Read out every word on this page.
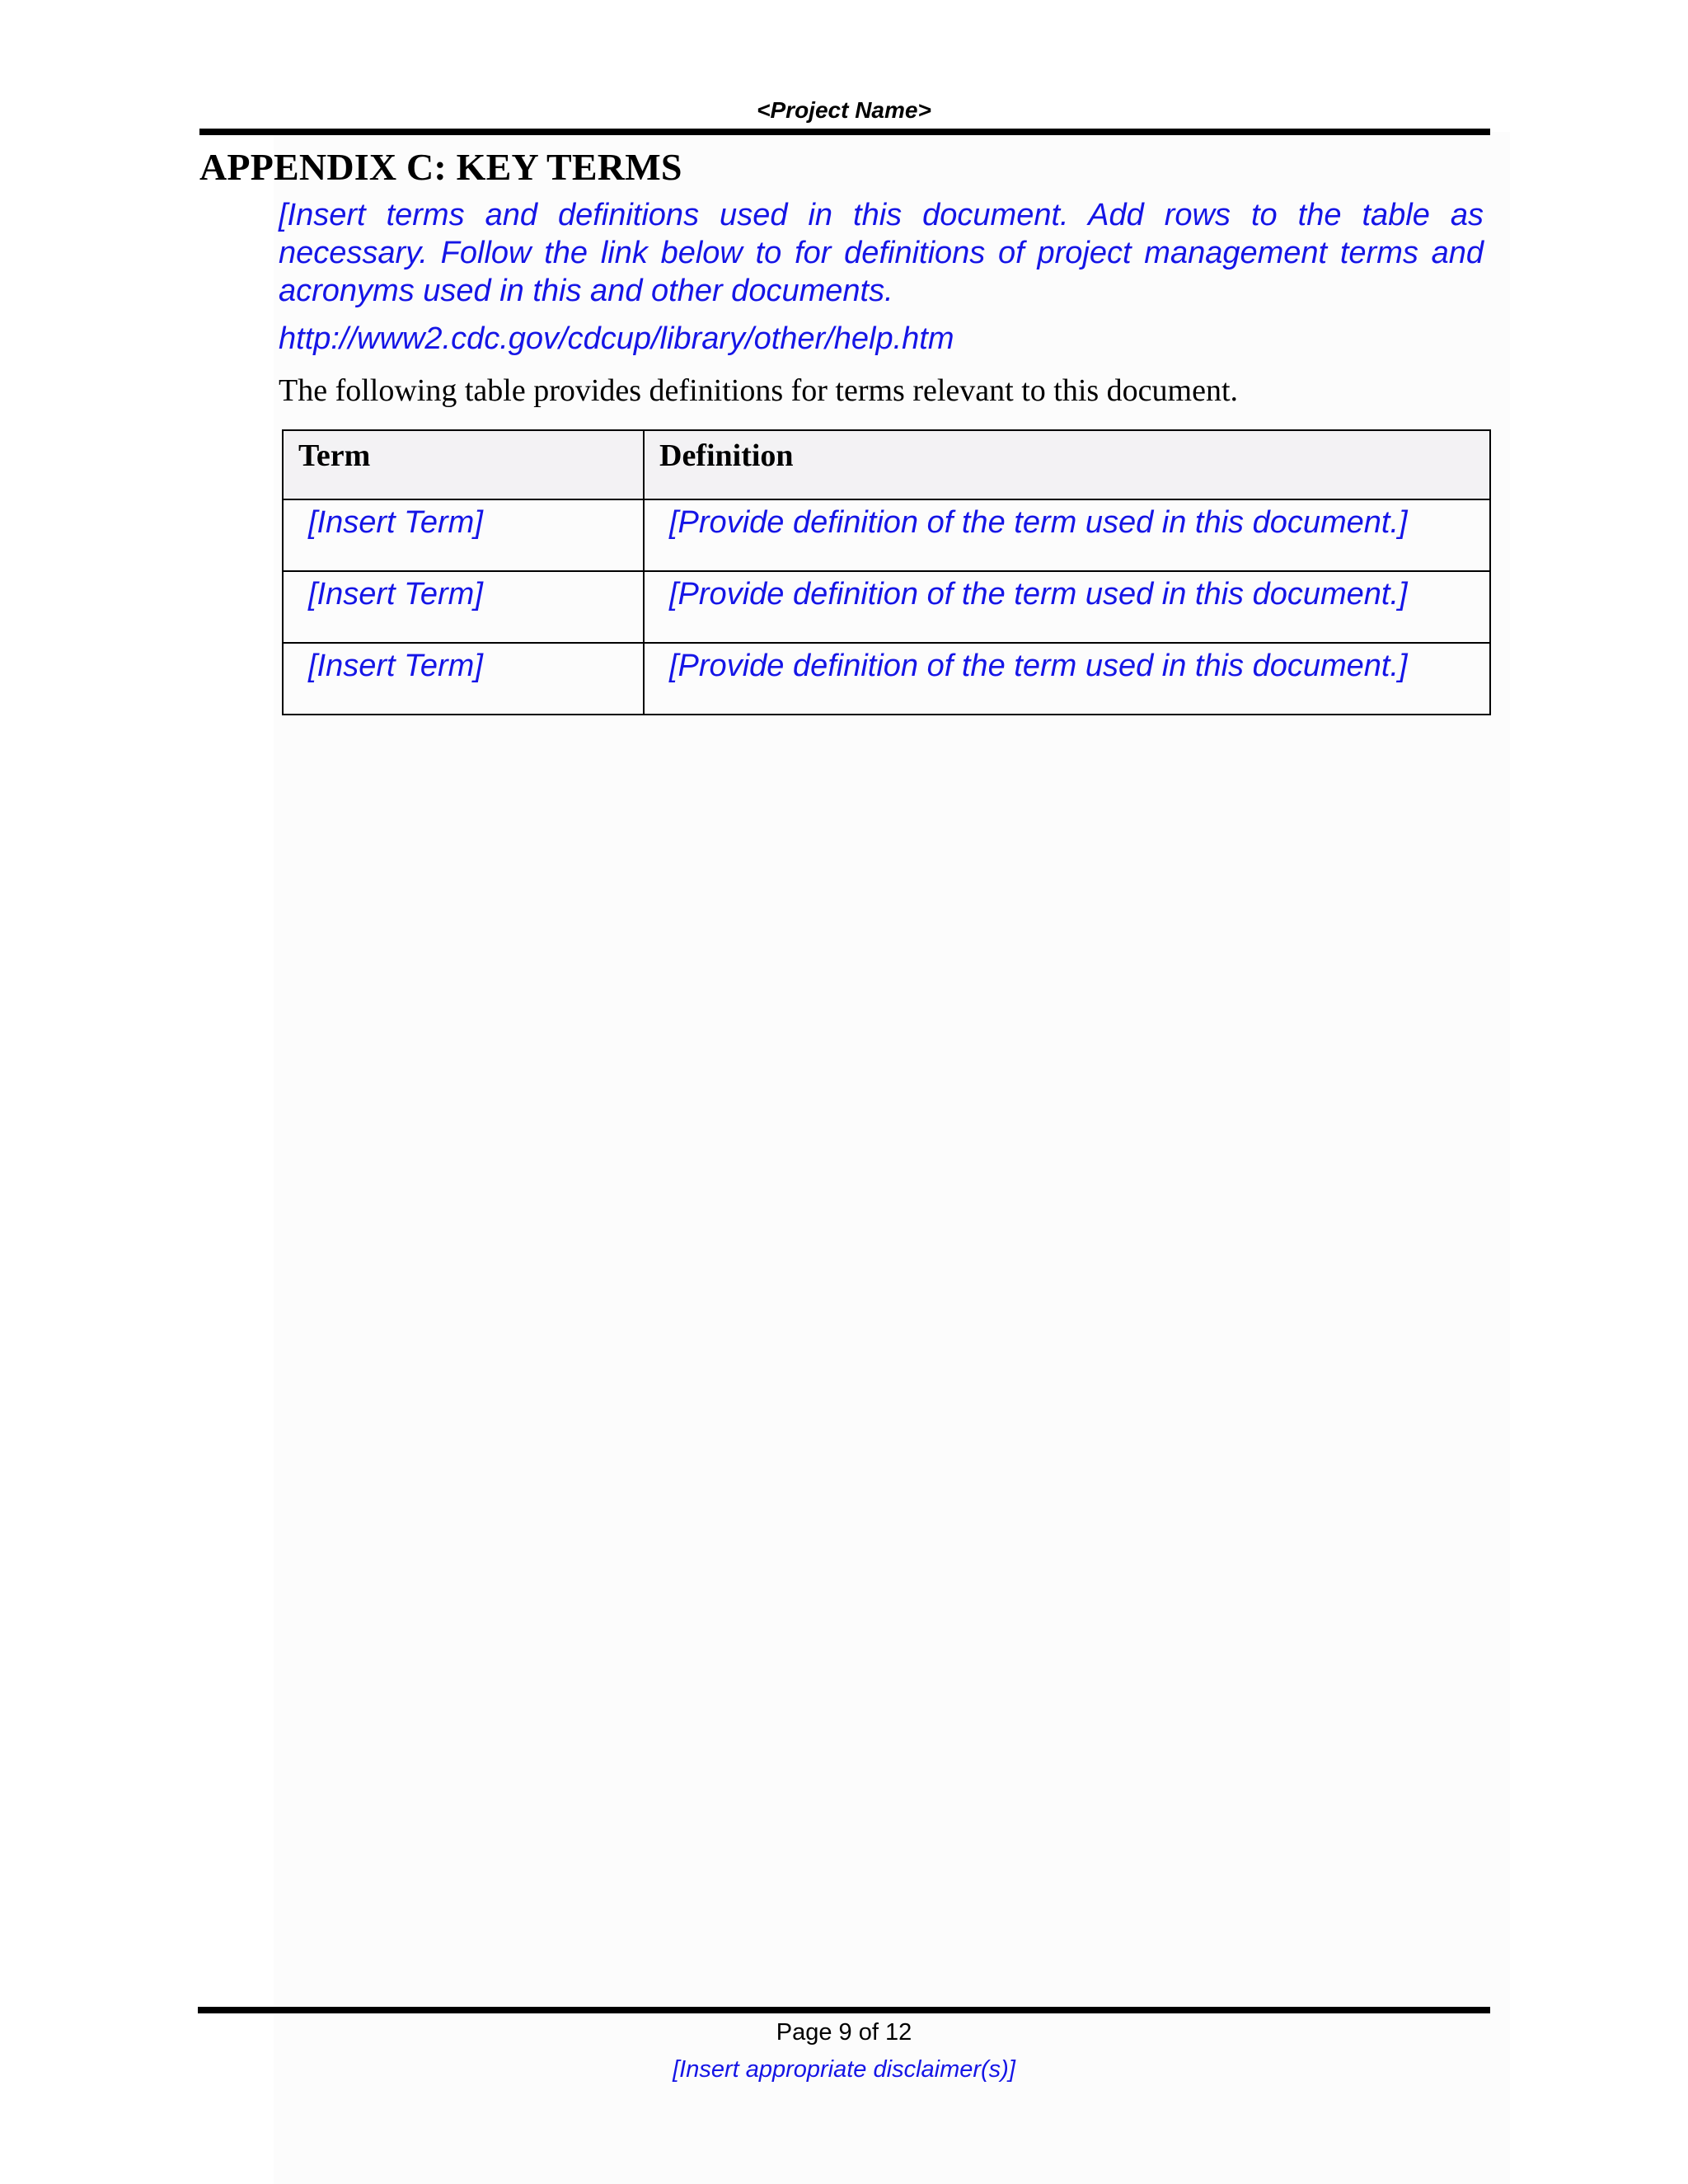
<Project Name>
APPENDIX C: KEY TERMS

[Insert terms and definitions used in this document. Add rows to the table as necessary. Follow the link below to for definitions of project management terms and acronyms used in this and other documents.

http://www2.cdc.gov/cdcup/library/other/help.htm

The following table provides definitions for terms relevant to this document.

Term	Definition
[Insert Term]	[Provide definition of the term used in this document.]
[Insert Term]	[Provide definition of the term used in this document.]
[Insert Term]	[Provide definition of the term used in this document.]
Page 9 of 12
[Insert appropriate disclaimer(s)]
